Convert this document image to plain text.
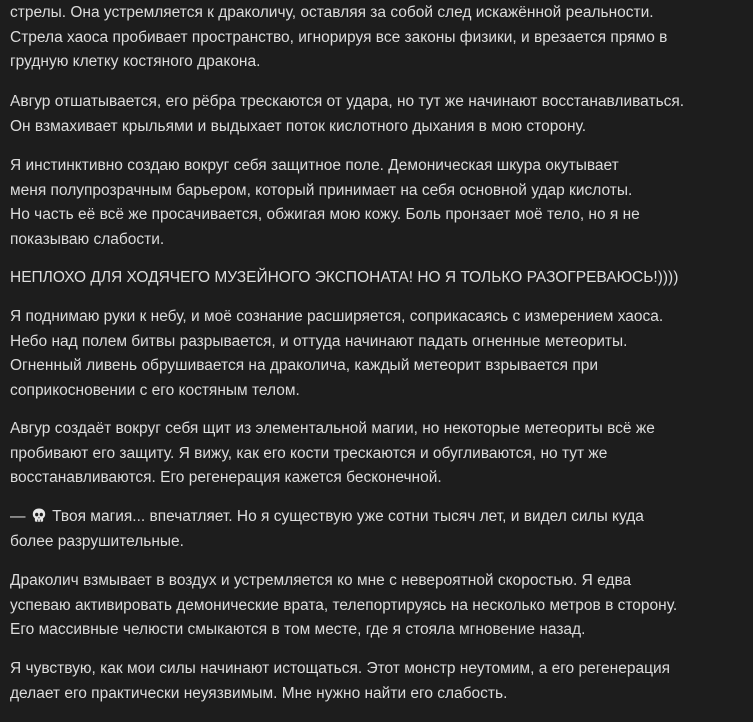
стрелы. Она устремляется к драколичу, оставляя за собой след искажённой реальности.
Стрела хаоса пробивает пространство, игнорируя все законы физики, и врезается прямо в
грудную клетку костяного дракона.

Авгур отшатывается, его рёбра трескаются от удара, но тут же начинают восстанавливаться.
Он взмахивает крыльями и выдыхает поток кислотного дыхания в мою сторону.

Я инстинктивно создаю вокруг себя защитное поле. Демоническая шкура окутывает
меня полупрозрачным барьером, который принимает на себя основной удар кислоты.
Но часть её всё же просачивается, обжигая мою кожу. Боль пронзает моё тело, но я не
показываю слабости.

НЕПЛОХО ДЛЯ ХОДЯЧЕГО МУЗЕЙНОГО ЭКСПОНАТА! НО Я ТОЛЬКО РАЗОГРЕВАЮСЬ!))))

Я поднимаю руки к небу, и моё сознание расширяется, соприкасаясь с измерением хаоса.
Небо над полем битвы разрывается, и оттуда начинают падать огненные метеориты.
Огненный ливень обрушивается на драколича, каждый метеорит взрывается при
соприкосновении с его костяным телом.

Авгур создаёт вокруг себя щит из элементальной магии, но некоторые метеориты всё же
пробивают его защиту. Я вижу, как его кости трескаются и обугливаются, но тут же
восстанавливаются. Его регенерация кажется бесконечной.

—  Твоя магия... впечатляет. Но я существую уже сотни тысяч лет, и видел силы куда
более разрушительные.

Драколич взмывает в воздух и устремляется ко мне с невероятной скоростью. Я едва
успеваю активировать демонические врата, телепортируясь на несколько метров в сторону.
Его массивные челюсти смыкаются в том месте, где я стояла мгновение назад.

Я чувствую, как мои силы начинают истощаться. Этот монстр неутомим, а его регенерация
делает его практически неуязвимым. Мне нужно найти его слабость.
